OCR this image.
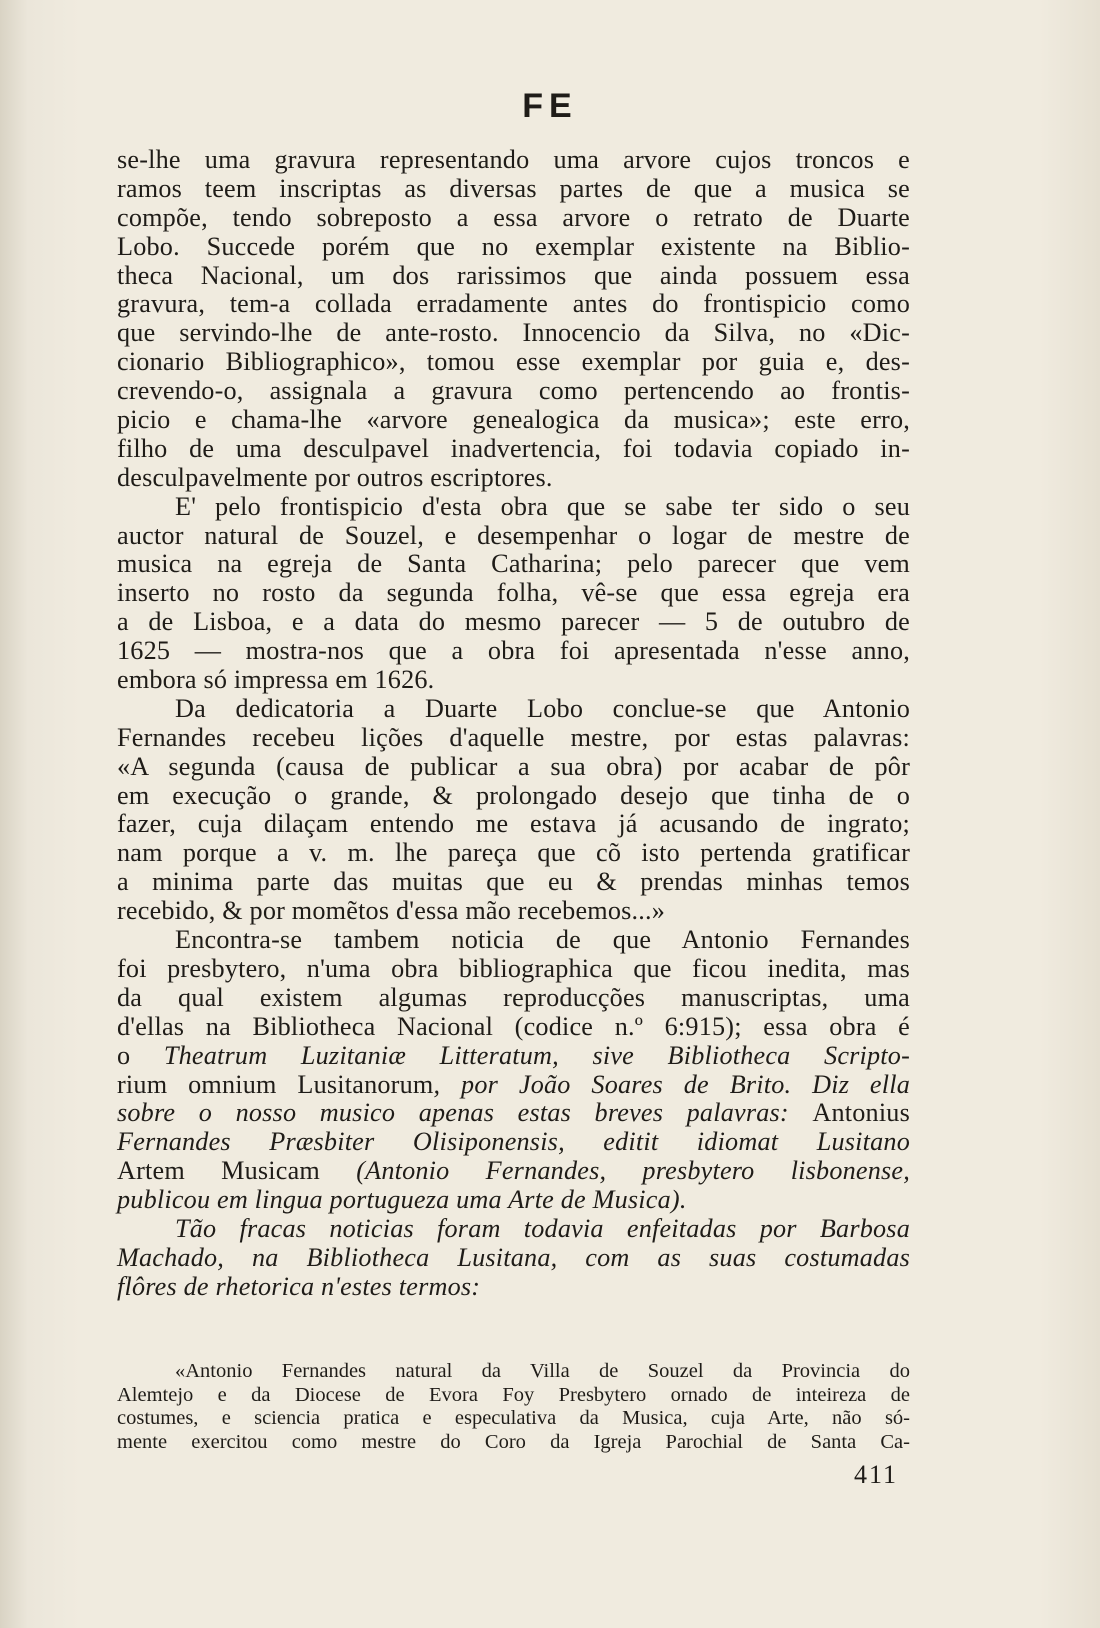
FE
se-lhe uma gravura representando uma arvore cujos troncos e
ramos teem inscriptas as diversas partes de que a musica se
compõe, tendo sobreposto a essa arvore o retrato de Duarte
Lobo. Succede porém que no exemplar existente na Biblio-
theca Nacional, um dos rarissimos que ainda possuem essa
gravura, tem-a collada erradamente antes do frontispicio como
que servindo-lhe de ante-rosto. Innocencio da Silva, no «Dic-
cionario Bibliographico», tomou esse exemplar por guia e, des-
crevendo-o, assignala a gravura como pertencendo ao frontis-
picio e chama-lhe «arvore genealogica da musica»; este erro,
filho de uma desculpavel inadvertencia, foi todavia copiado in-
desculpavelmente por outros escriptores.
E' pelo frontispicio d'esta obra que se sabe ter sido o seu
auctor natural de Souzel, e desempenhar o logar de mestre de
musica na egreja de Santa Catharina; pelo parecer que vem
inserto no rosto da segunda folha, vê-se que essa egreja era
a de Lisboa, e a data do mesmo parecer — 5 de outubro de
1625 — mostra-nos que a obra foi apresentada n'esse anno,
embora só impressa em 1626.
Da dedicatoria a Duarte Lobo conclue-se que Antonio
Fernandes recebeu lições d'aquelle mestre, por estas palavras:
«A segunda (causa de publicar a sua obra) por acabar de pôr
em execução o grande, & prolongado desejo que tinha de o
fazer, cuja dilaçam entendo me estava já acusando de ingrato;
nam porque a v. m. lhe pareça que cõ isto pertenda gratificar
a minima parte das muitas que eu & prendas minhas temos
recebido, & por momẽtos d'essa mão recebemos...»
Encontra-se tambem noticia de que Antonio Fernandes
foi presbytero, n'uma obra bibliographica que ficou inedita, mas
da qual existem algumas reproducções manuscriptas, uma
d'ellas na Bibliotheca Nacional (codice n.º 6:915); essa obra é
o Theatrum Luzitaniæ Litteratum, sive Bibliotheca Scripto-
rium omnium Lusitanorum, por João Soares de Brito. Diz ella
sobre o nosso musico apenas estas breves palavras: Antonius
Fernandes Præsbiter Olisiponensis, editit idiomat Lusitano
Artem Musicam (Antonio Fernandes, presbytero lisbonense,
publicou em lingua portugueza uma Arte de Musica).
Tão fracas noticias foram todavia enfeitadas por Barbosa
Machado, na Bibliotheca Lusitana, com as suas costumadas
flôres de rhetorica n'estes termos:
«Antonio Fernandes natural da Villa de Souzel da Provincia do
Alemtejo e da Diocese de Evora Foy Presbytero ornado de inteireza de
costumes, e sciencia pratica e especulativa da Musica, cuja Arte, não só-
mente exercitou como mestre do Coro da Igreja Parochial de Santa Ca-
411
